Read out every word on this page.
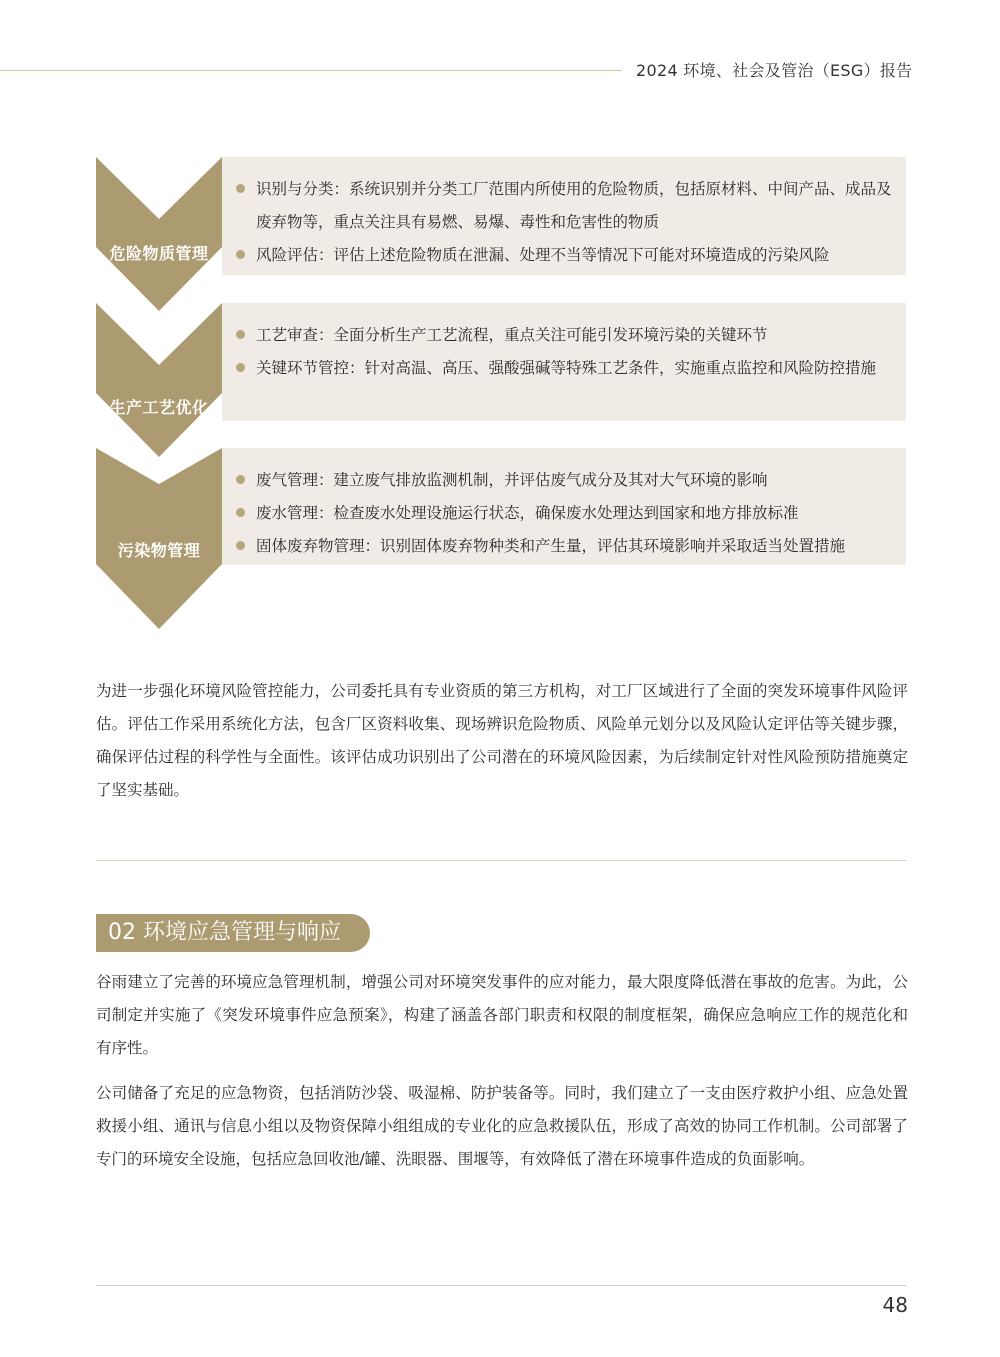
2024 环境、社会及管治（ESG）报告
识别与分类：系统识别并分类工厂范围内所使用的危险物质，包括原材料、中间产品、成品及废弃物等，重点关注具有易燃、易爆、毒性和危害性的物质
风险评估：评估上述危险物质在泄漏、处理不当等情况下可能对环境造成的污染风险
危险物质管理
工艺审查：全面分析生产工艺流程，重点关注可能引发环境污染的关键环节
关键环节管控：针对高温、高压、强酸强碱等特殊工艺条件，实施重点监控和风险防控措施
生产工艺优化
废气管理：建立废气排放监测机制，并评估废气成分及其对大气环境的影响
废水管理：检查废水处理设施运行状态，确保废水处理达到国家和地方排放标准
固体废弃物管理：识别固体废弃物种类和产生量，评估其环境影响并采取适当处置措施
污染物管理

为进一步强化环境风险管控能力，公司委托具有专业资质的第三方机构，对工厂区域进行了全面的突发环境事件风险评估。评估工作采用系统化方法，包含厂区资料收集、现场辨识危险物质、风险单元划分以及风险认定评估等关键步骤，确保评估过程的科学性与全面性。该评估成功识别出了公司潜在的环境风险因素，为后续制定针对性风险预防措施奠定了坚实基础。

02 环境应急管理与响应

谷雨建立了完善的环境应急管理机制，增强公司对环境突发事件的应对能力，最大限度降低潜在事故的危害。为此，公司制定并实施了《突发环境事件应急预案》，构建了涵盖各部门职责和权限的制度框架，确保应急响应工作的规范化和有序性。

公司储备了充足的应急物资，包括消防沙袋、吸湿棉、防护装备等。同时，我们建立了一支由医疗救护小组、应急处置救援小组、通讯与信息小组以及物资保障小组组成的专业化的应急救援队伍，形成了高效的协同工作机制。公司部署了专门的环境安全设施，包括应急回收池/罐、洗眼器、围堰等，有效降低了潜在环境事件造成的负面影响。

48
